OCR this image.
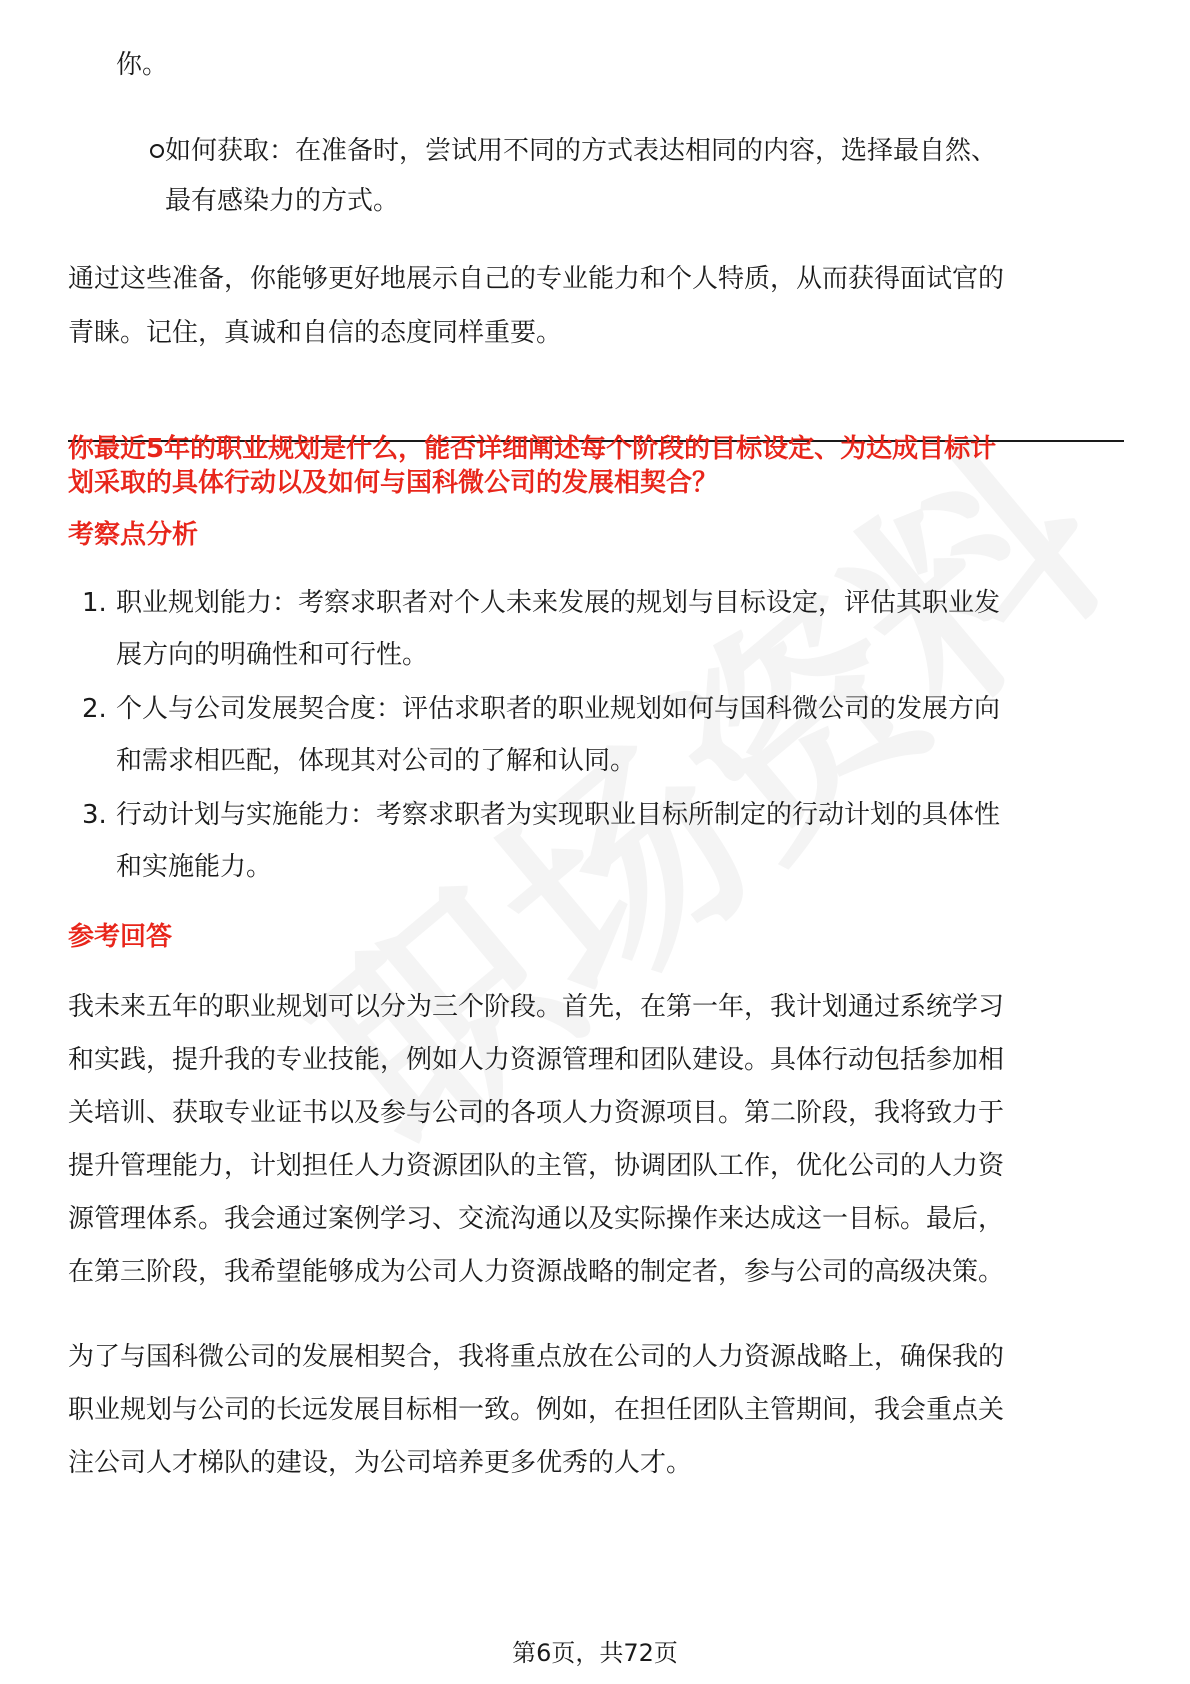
你。
如何获取：在准备时，尝试用不同的方式表达相同的内容，选择最自然、
最有感染力的方式。
通过这些准备，你能够更好地展示自己的专业能力和个人特质，从而获得面试官的
青睐。记住，真诚和自信的态度同样重要。
你最近5年的职业规划是什么，能否详细阐述每个阶段的目标设定、为达成目标计
划采取的具体行动以及如何与国科微公司的发展相契合？
考察点分析
1. 职业规划能力：考察求职者对个人未来发展的规划与目标设定，评估其职业发
展方向的明确性和可行性。
2. 个人与公司发展契合度：评估求职者的职业规划如何与国科微公司的发展方向
和需求相匹配，体现其对公司的了解和认同。
3. 行动计划与实施能力：考察求职者为实现职业目标所制定的行动计划的具体性
和实施能力。
参考回答
我未来五年的职业规划可以分为三个阶段。首先，在第一年，我计划通过系统学习
和实践，提升我的专业技能，例如人力资源管理和团队建设。具体行动包括参加相
关培训、获取专业证书以及参与公司的各项人力资源项目。第二阶段，我将致力于
提升管理能力，计划担任人力资源团队的主管，协调团队工作，优化公司的人力资
源管理体系。我会通过案例学习、交流沟通以及实际操作来达成这一目标。最后，
在第三阶段，我希望能够成为公司人力资源战略的制定者，参与公司的高级决策。
为了与国科微公司的发展相契合，我将重点放在公司的人力资源战略上，确保我的
职业规划与公司的长远发展目标相一致。例如，在担任团队主管期间，我会重点关
注公司人才梯队的建设，为公司培养更多优秀的人才。
第6页，共72页
